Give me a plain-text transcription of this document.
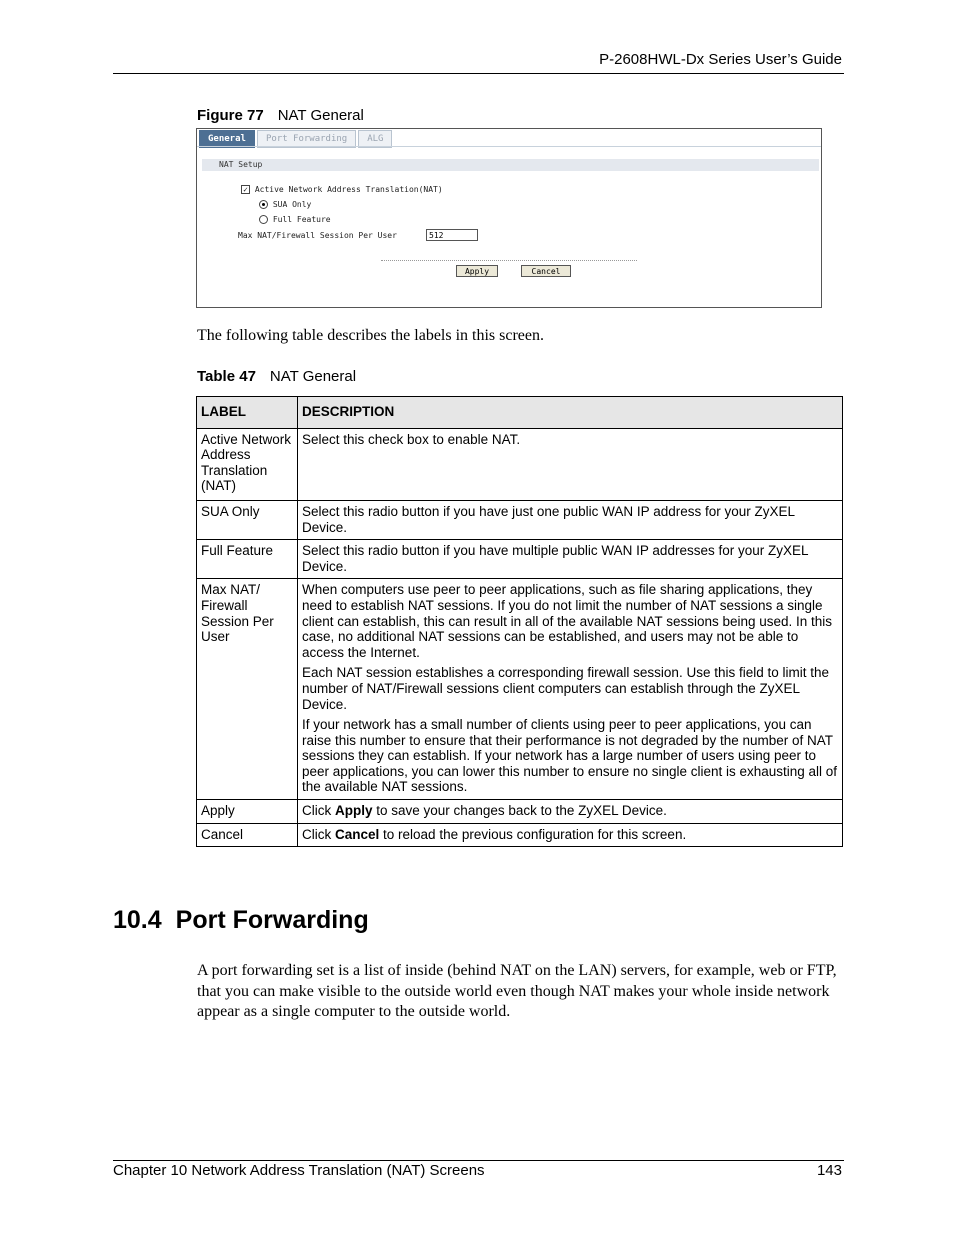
P-2608HWL-Dx Series User’s Guide
Figure 77 NAT General
General	Port Forwarding	ALG
NAT Setup
✓ Active Network Address Translation(NAT)
SUA Only
Full Feature
Max NAT/Firewall Session Per User	512
Apply	Cancel
The following table describes the labels in this screen.
Table 47 NAT General
LABEL	DESCRIPTION
Active Network Address Translation (NAT)	Select this check box to enable NAT.

SUA Only	Select this radio button if you have just one public WAN IP address for your ZyXEL Device.

Full Feature	Select this radio button if you have multiple public WAN IP addresses for your ZyXEL Device.

Max NAT/ Firewall Session Per User	When computers use peer to peer applications, such as file sharing applications, they need to establish NAT sessions. If you do not limit the number of NAT sessions a single client can establish, this can result in all of the available NAT sessions being used. In this case, no additional NAT sessions can be established, and users may not be able to access the Internet.

Each NAT session establishes a corresponding firewall session. Use this field to limit the number of NAT/Firewall sessions client computers can establish through the ZyXEL Device.

If your network has a small number of clients using peer to peer applications, you can raise this number to ensure that their performance is not degraded by the number of NAT sessions they can establish. If your network has a large number of users using peer to peer applications, you can lower this number to ensure no single client is exhausting all of the available NAT sessions.

Apply	Click Apply to save your changes back to the ZyXEL Device.
Cancel	Click Cancel to reload the previous configuration for this screen.
10.4 Port Forwarding
A port forwarding set is a list of inside (behind NAT on the LAN) servers, for example, web or FTP, that you can make visible to the outside world even though NAT makes your whole inside network appear as a single computer to the outside world.
Chapter 10 Network Address Translation (NAT) Screens	143
